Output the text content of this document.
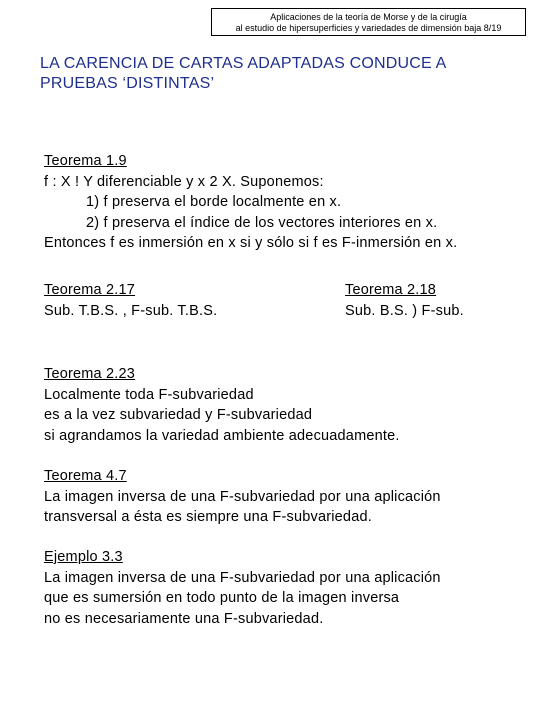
Aplicaciones de la teoría de Morse y de la cirugía
al estudio de hipersuperficies y variedades de dimensión baja 8/19
LA CARENCIA DE CARTAS ADAPTADAS CONDUCE A
PRUEBAS ‘DISTINTAS’
Teorema 1.9
f : X ! Y diferenciable y x 2 X. Suponemos:
1) f preserva el borde localmente en x.
2) f preserva el índice de los vectores interiores en x.
Entonces f es inmersión en x si y sólo si f es F-inmersión en x.
Teorema 2.17
Sub. T.B.S. , F-sub. T.B.S.
Teorema 2.18
Sub. B.S. ) F-sub.
Teorema 2.23
Localmente toda F-subvariedad
es a la vez subvariedad y F-subvariedad
si agrandamos la variedad ambiente adecuadamente.
Teorema 4.7
La imagen inversa de una F-subvariedad por una aplicación
transversal a ésta es siempre una F-subvariedad.
Ejemplo 3.3
La imagen inversa de una F-subvariedad por una aplicación
que es sumersión en todo punto de la imagen inversa
no es necesariamente una F-subvariedad.
